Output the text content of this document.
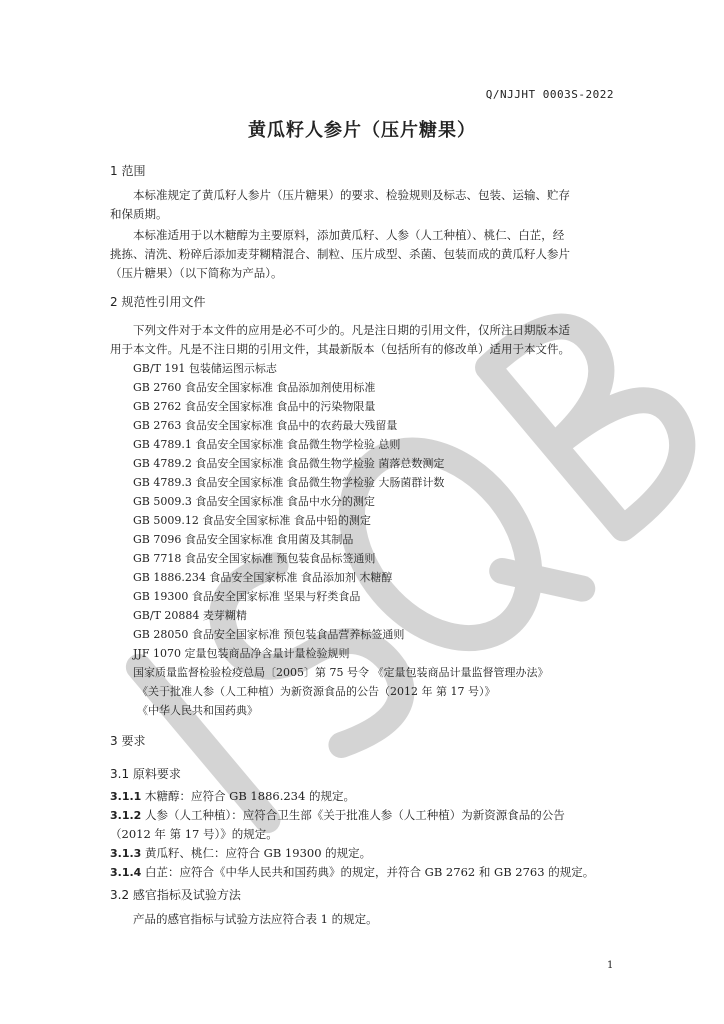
Q/NJJHT 0003S-2022
黄瓜籽人参片（压片糖果）
1 范围
本标准规定了黄瓜籽人参片（压片糖果）的要求、检验规则及标志、包装、运输、贮存
和保质期。
本标准适用于以木糖醇为主要原料，添加黄瓜籽、人参（人工种植）、桃仁、白芷，经
挑拣、清洗、粉碎后添加麦芽糊精混合、制粒、压片成型、杀菌、包装而成的黄瓜籽人参片
（压片糖果）（以下简称为产品）。
2 规范性引用文件
下列文件对于本文件的应用是必不可少的。凡是注日期的引用文件，仅所注日期版本适
用于本文件。凡是不注日期的引用文件，其最新版本（包括所有的修改单）适用于本文件。
GB/T 191 包装储运图示标志
GB 2760 食品安全国家标准 食品添加剂使用标准
GB 2762 食品安全国家标准 食品中的污染物限量
GB 2763 食品安全国家标准 食品中的农药最大残留量
GB 4789.1 食品安全国家标准 食品微生物学检验 总则
GB 4789.2 食品安全国家标准 食品微生物学检验 菌落总数测定
GB 4789.3 食品安全国家标准 食品微生物学检验 大肠菌群计数
GB 5009.3 食品安全国家标准 食品中水分的测定
GB 5009.12 食品安全国家标准 食品中铅的测定
GB 7096 食品安全国家标准 食用菌及其制品
GB 7718 食品安全国家标准 预包装食品标签通则
GB 1886.234 食品安全国家标准 食品添加剂 木糖醇
GB 19300 食品安全国家标准 坚果与籽类食品
GB/T 20884 麦芽糊精
GB 28050 食品安全国家标准 预包装食品营养标签通则
JJF 1070 定量包装商品净含量计量检验规则
国家质量监督检验检疫总局〔2005〕第 75 号令 《定量包装商品计量监督管理办法》
《关于批准人参（人工种植）为新资源食品的公告（2012 年 第 17 号）》
《中华人民共和国药典》
3 要求
3.1 原料要求
3.1.1 木糖醇：应符合 GB 1886.234 的规定。
3.1.2 人参（人工种植）：应符合卫生部《关于批准人参（人工种植）为新资源食品的公告
（2012 年 第 17 号）》的规定。
3.1.3 黄瓜籽、桃仁：应符合 GB 19300 的规定。
3.1.4 白芷：应符合《中华人民共和国药典》的规定，并符合 GB 2762 和 GB 2763 的规定。
3.2 感官指标及试验方法
产品的感官指标与试验方法应符合表 1 的规定。
1
